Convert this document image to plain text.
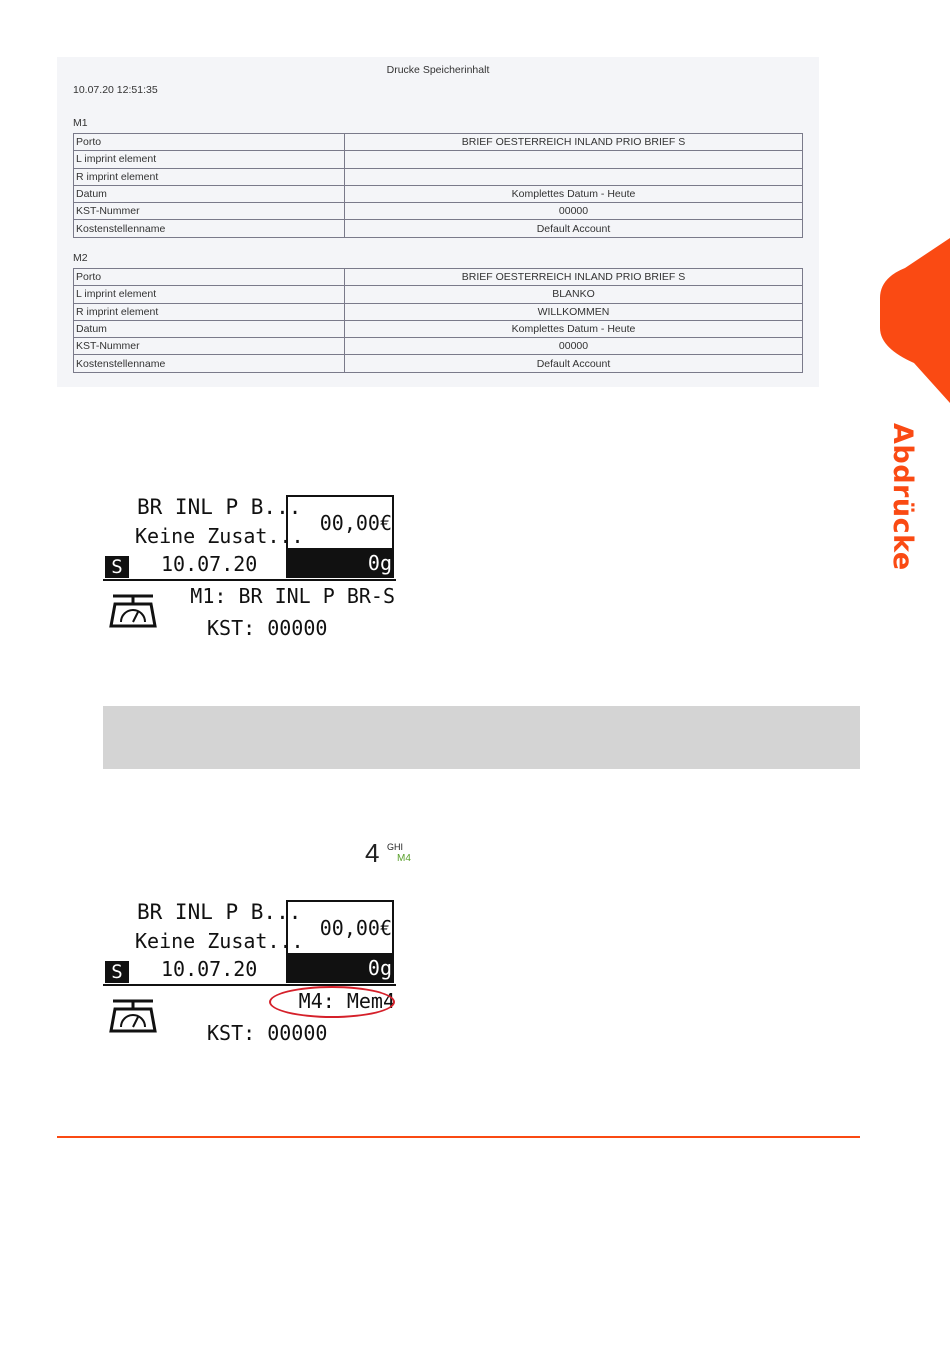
Drucke Speicherinhalt
10.07.20 12:51:35
M1
Porto	BRIEF OESTERREICH INLAND PRIO BRIEF S
L imprint element	
R imprint element	
Datum	Komplettes Datum - Heute
KST-Nummer	00000
Kostenstellenname	Default Account
M2
Porto	BRIEF OESTERREICH INLAND PRIO BRIEF S
L imprint element	BLANKO
R imprint element	WILLKOMMEN
Datum	Komplettes Datum - Heute
KST-Nummer	00000
Kostenstellenname	Default Account
Abdrücke
BR INL P B...
Keine Zusat...
S	10.07.20
00,00€
0g
M1: BR INL P BR-S
KST: 00000
4 GHI
M4
BR INL P B...
Keine Zusat...
S	10.07.20
00,00€
0g
M4: Mem4
KST: 00000
